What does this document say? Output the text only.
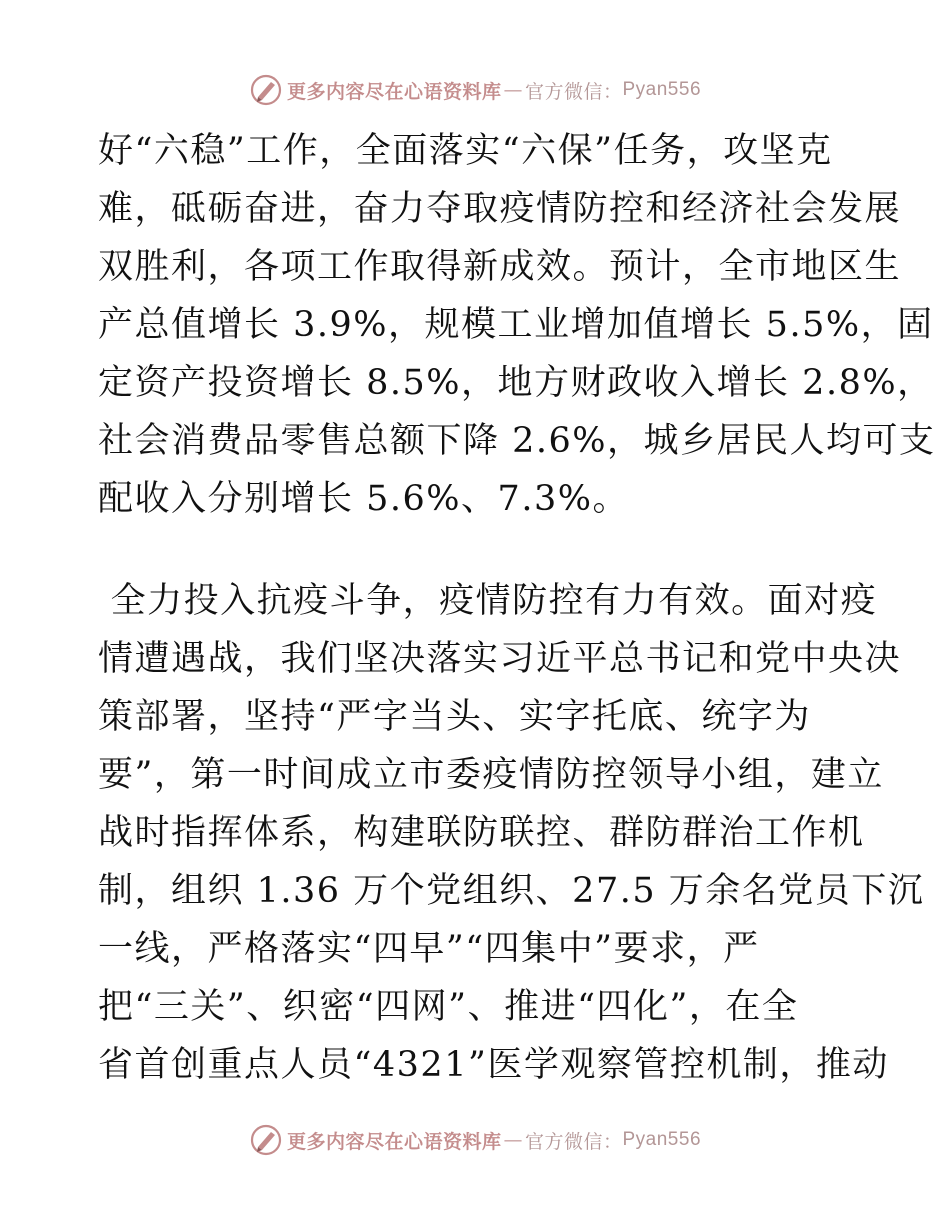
更多内容尽在心语资料库 — 官方微信： Pyan556
好“六稳”工作，全面落实“六保”任务，攻坚克
难，砥砺奋进，奋力夺取疫情防控和经济社会发展
双胜利，各项工作取得新成效。预计，全市地区生
产总值增长 3.9%，规模工业增加值增长 5.5%，固
定资产投资增长 8.5%，地方财政收入增长 2.8%，
社会消费品零售总额下降 2.6%，城乡居民人均可支
配收入分别增长 5.6%、7.3%。
全力投入抗疫斗争，疫情防控有力有效。面对疫
情遭遇战，我们坚决落实习近平总书记和党中央决
策部署，坚持“严字当头、实字托底、统字为
要”，第一时间成立市委疫情防控领导小组，建立
战时指挥体系，构建联防联控、群防群治工作机
制，组织 1.36 万个党组织、27.5 万余名党员下沉
一线，严格落实“四早”“四集中”要求，严
把“三关”、织密“四网”、推进“四化”，在全
省首创重点人员“4321”医学观察管控机制，推动
更多内容尽在心语资料库 — 官方微信： Pyan556
